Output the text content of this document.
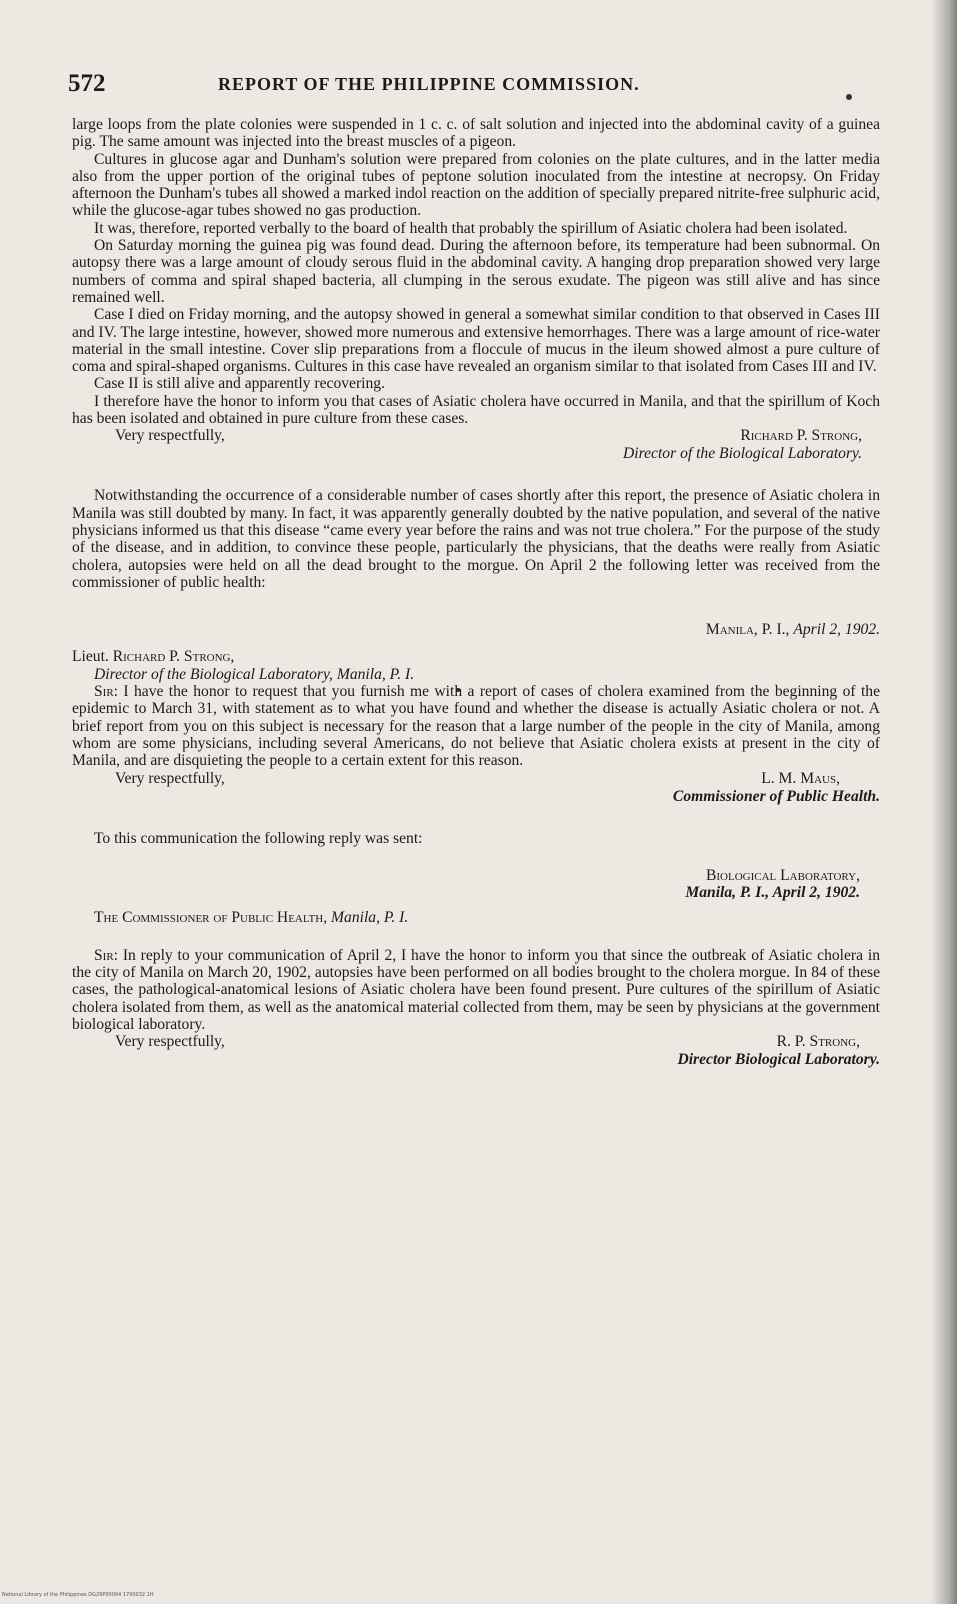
572	REPORT OF THE PHILIPPINE COMMISSION.

large loops from the plate colonies were suspended in 1 c. c. of salt solution and injected into the abdominal cavity of a guinea pig. The same amount was injected into the breast muscles of a pigeon.

Cultures in glucose agar and Dunham's solution were prepared from colonies on the plate cultures, and in the latter media also from the upper portion of the original tubes of peptone solution inoculated from the intestine at necropsy. On Friday afternoon the Dunham's tubes all showed a marked indol reaction on the addition of specially prepared nitrite-free sulphuric acid, while the glucose-agar tubes showed no gas production.

It was, therefore, reported verbally to the board of health that probably the spirillum of Asiatic cholera had been isolated.

On Saturday morning the guinea pig was found dead. During the afternoon before, its temperature had been subnormal. On autopsy there was a large amount of cloudy serous fluid in the abdominal cavity. A hanging drop preparation showed very large numbers of comma and spiral shaped bacteria, all clumping in the serous exudate. The pigeon was still alive and has since remained well.

Case I died on Friday morning, and the autopsy showed in general a somewhat similar condition to that observed in Cases III and IV. The large intestine, however, showed more numerous and extensive hemorrhages. There was a large amount of rice-water material in the small intestine. Cover slip preparations from a floccule of mucus in the ileum showed almost a pure culture of coma and spiral-shaped organisms. Cultures in this case have revealed an organism similar to that isolated from Cases III and IV.

Case II is still alive and apparently recovering.

I therefore have the honor to inform you that cases of Asiatic cholera have occurred in Manila, and that the spirillum of Koch has been isolated and obtained in pure culture from these cases.

Very respectfully,	Richard P. Strong,
Director of the Biological Laboratory.

Notwithstanding the occurrence of a considerable number of cases shortly after this report, the presence of Asiatic cholera in Manila was still doubted by many. In fact, it was apparently generally doubted by the native population, and several of the native physicians informed us that this disease “came every year before the rains and was not true cholera.” For the purpose of the study of the disease, and in addition, to convince these people, particularly the physicians, that the deaths were really from Asiatic cholera, autopsies were held on all the dead brought to the morgue. On April 2 the following letter was received from the commissioner of public health:

Manila, P. I., April 2, 1902.

Lieut. Richard P. Strong,

Director of the Biological Laboratory, Manila, P. I.

Sir: I have the honor to request that you furnish me with a report of cases of cholera examined from the beginning of the epidemic to March 31, with statement as to what you have found and whether the disease is actually Asiatic cholera or not. A brief report from you on this subject is necessary for the reason that a large number of the people in the city of Manila, among whom are some physicians, including several Americans, do not believe that Asiatic cholera exists at present in the city of Manila, and are disquieting the people to a certain extent for this reason.

Very respectfully,	L. M. Maus,
Commissioner of Public Health.

To this communication the following reply was sent:

Biological Laboratory,

Manila, P. I., April 2, 1902.

The Commissioner of Public Health, Manila, P. I.

Sir: In reply to your communication of April 2, I have the honor to inform you that since the outbreak of Asiatic cholera in the city of Manila on March 20, 1902, autopsies have been performed on all bodies brought to the cholera morgue. In 84 of these cases, the pathological-anatomical lesions of Asiatic cholera have been found present. Pure cultures of the spirillum of Asiatic cholera isolated from them, as well as the anatomical material collected from them, may be seen by physicians at the government biological laboratory.

Very respectfully,	R. P. Strong,
Director Biological Laboratory.
National Library of the Philippines DG29P00004 1700032 1H
